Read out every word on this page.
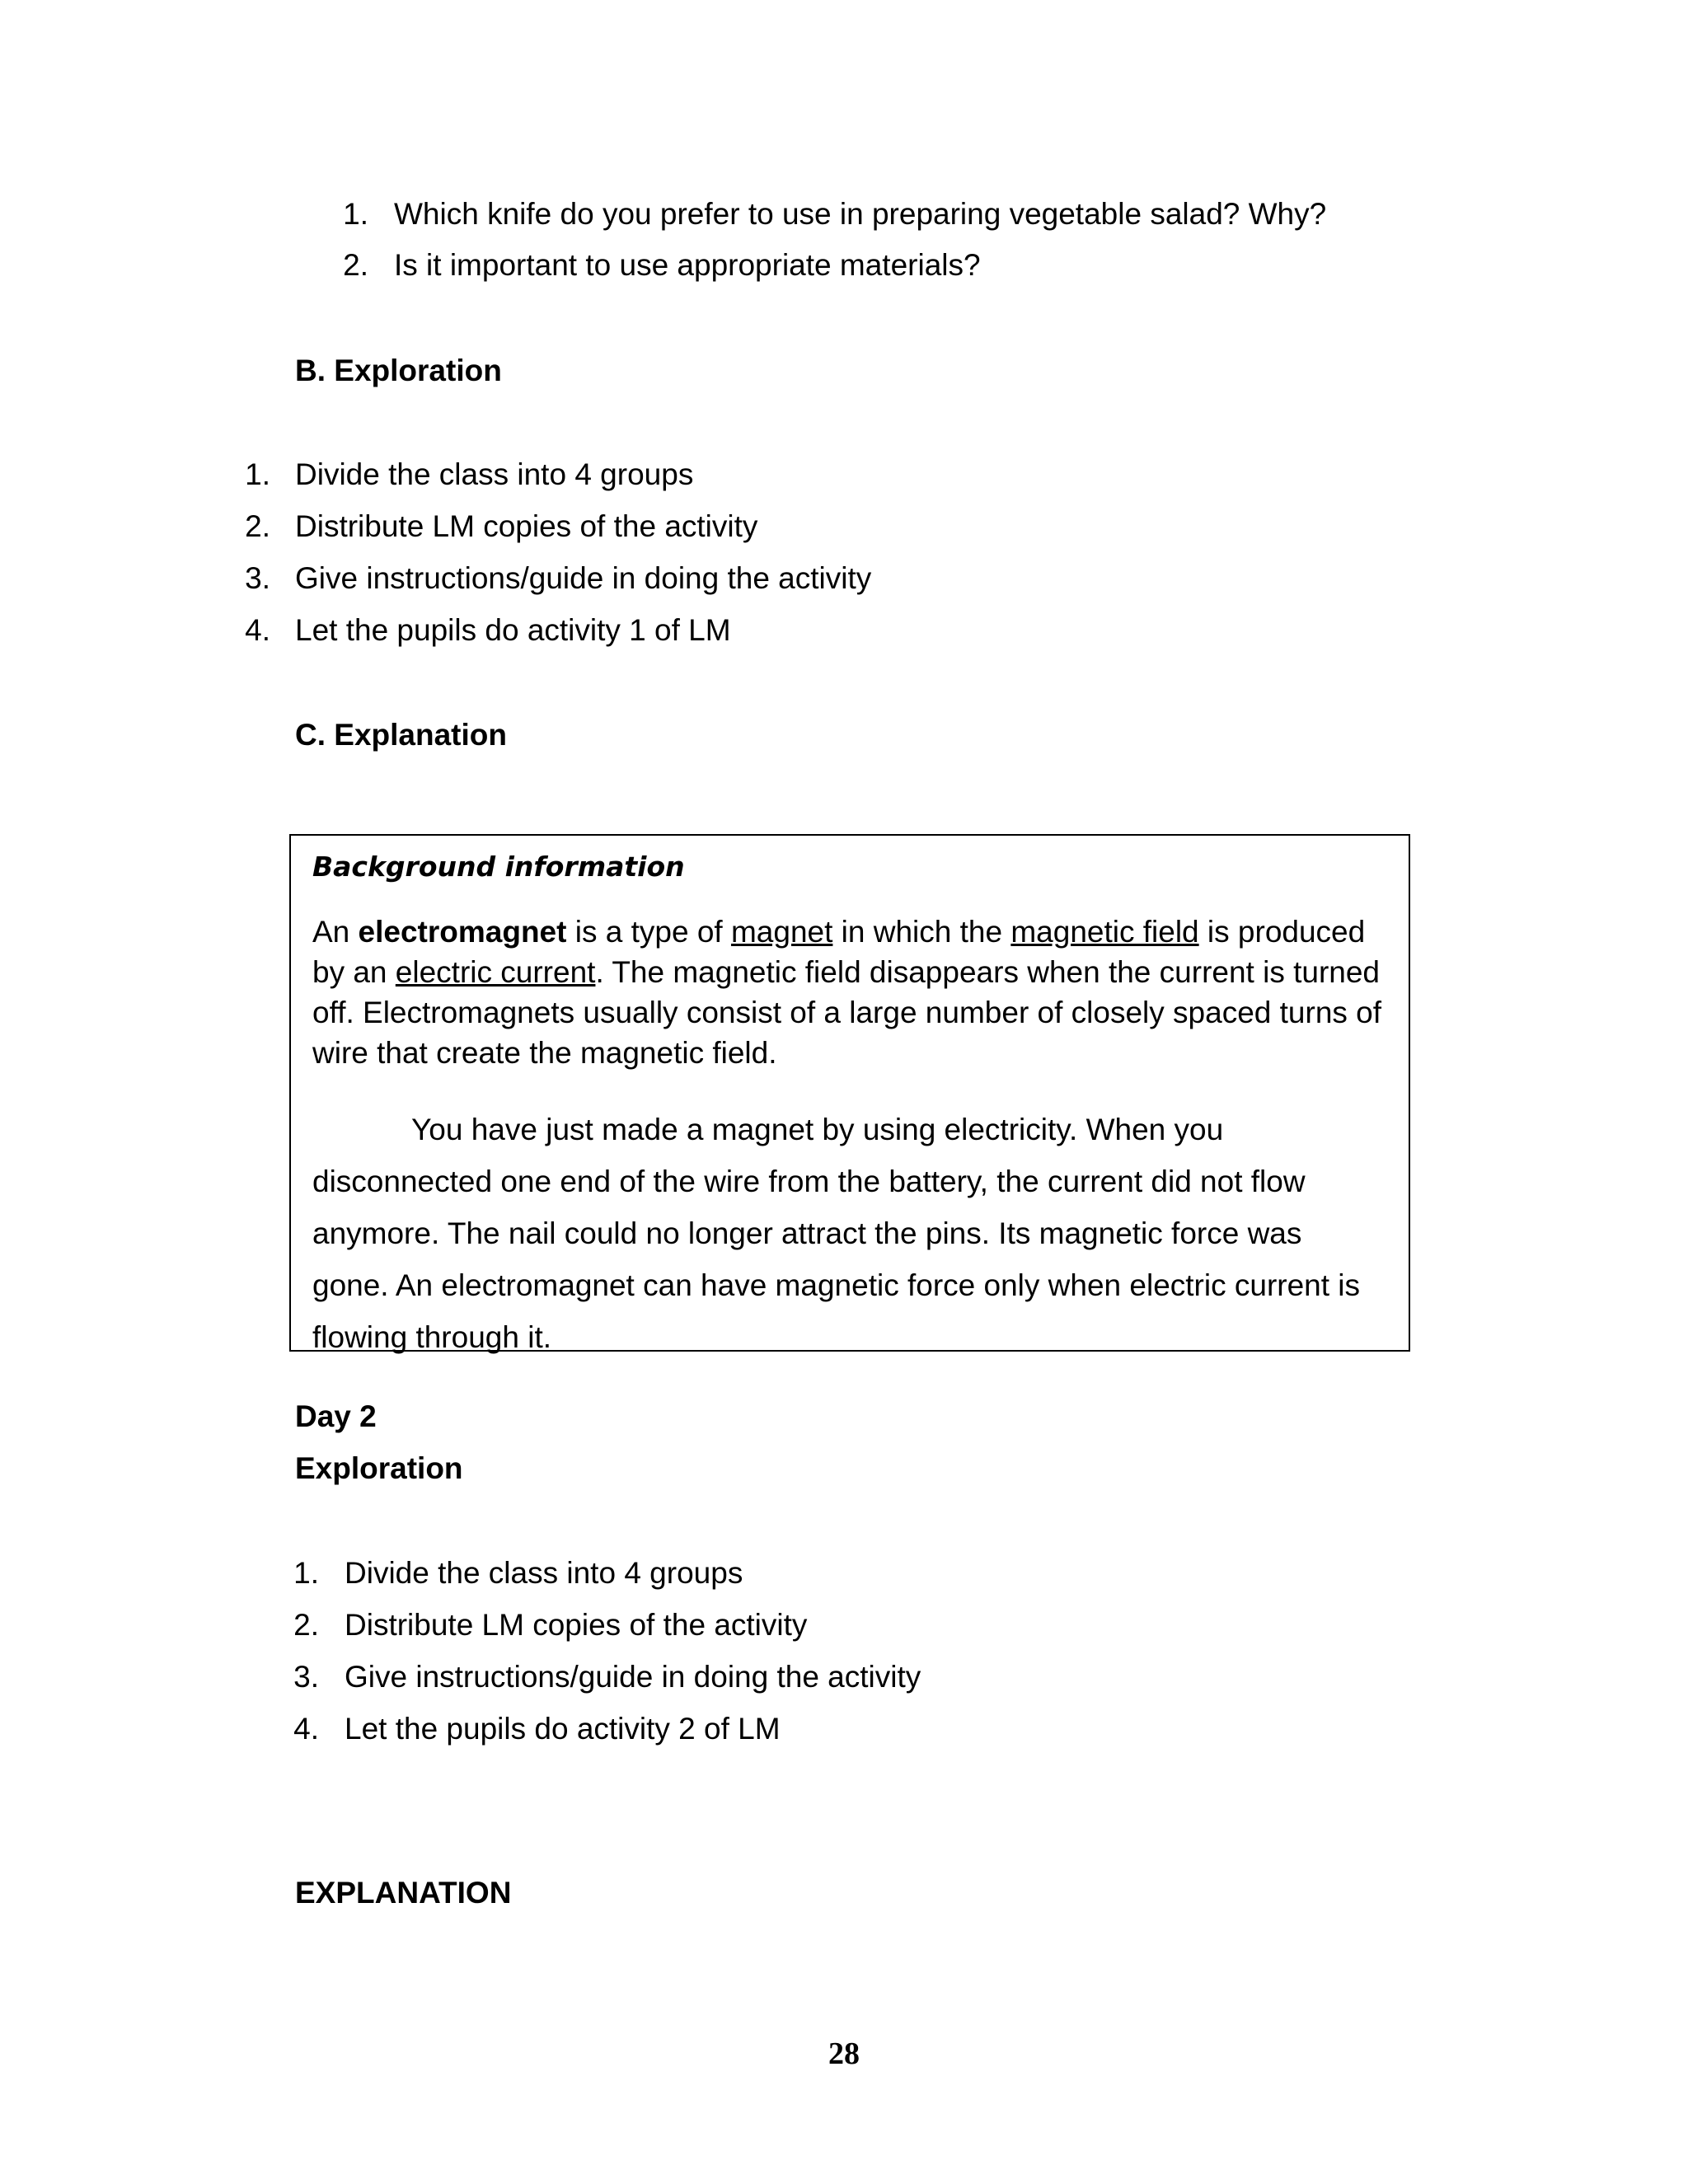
1. Which knife do you prefer to use in preparing vegetable salad? Why?
2. Is it important to use appropriate materials?
B. Exploration
1. Divide the class into 4 groups
2. Distribute LM copies of the activity
3. Give instructions/guide in doing the activity
4. Let the pupils do activity 1 of LM
C. Explanation
Background information
An electromagnet is a type of magnet in which the magnetic field is produced by an electric current. The magnetic field disappears when the current is turned off. Electromagnets usually consist of a large number of closely spaced turns of wire that create the magnetic field.
You have just made a magnet by using electricity. When you disconnected one end of the wire from the battery, the current did not flow anymore. The nail could no longer attract the pins. Its magnetic force was gone. An electromagnet can have magnetic force only when electric current is flowing through it.
Day 2
Exploration
1. Divide the class into 4 groups
2. Distribute LM copies of the activity
3. Give instructions/guide in doing the activity
4. Let the pupils do activity 2 of LM
EXPLANATION
28
